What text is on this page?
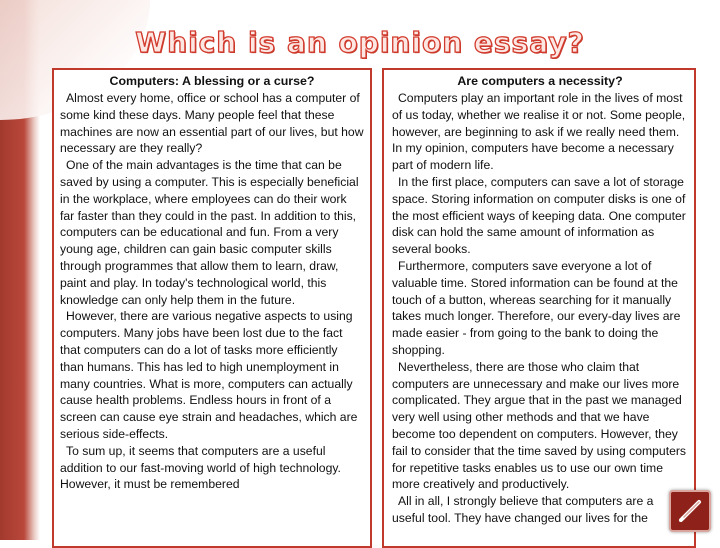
Which is an opinion essay?
Computers: A blessing or a curse?

Almost every home, office or school has a computer of some kind these days. Many people feel that these machines are now an essential part of our lives, but how necessary are they really?

One of the main advantages is the time that can be saved by using a computer. This is especially beneficial in the workplace, where employees can do their work far faster than they could in the past. In addition to this, computers can be educational and fun. From a very young age, children can gain basic computer skills through programmes that allow them to learn, draw, paint and play. In today's technological world, this knowledge can only help them in the future.

However, there are various negative aspects to using computers. Many jobs have been lost due to the fact that computers can do a lot of tasks more efficiently than humans. This has led to high unemployment in many countries. What is more, computers can actually cause health problems. Endless hours in front of a screen can cause eye strain and headaches, which are serious side-effects.

To sum up, it seems that computers are a useful addition to our fast-moving world of high technology. However, it must be remembered

Are computers a necessity?

Computers play an important role in the lives of most of us today, whether we realise it or not. Some people, however, are beginning to ask if we really need them. In my opinion, computers have become a necessary part of modern life.

In the first place, computers can save a lot of storage space. Storing information on computer disks is one of the most efficient ways of keeping data. One computer disk can hold the same amount of information as several books.

Furthermore, computers save everyone a lot of valuable time. Stored information can be found at the touch of a button, whereas searching for it manually takes much longer. Therefore, our every-day lives are made easier - from going to the bank to doing the shopping.

Nevertheless, there are those who claim that computers are unnecessary and make our lives more complicated. They argue that in the past we managed very well using other methods and that we have become too dependent on computers. However, they fail to consider that the time saved by using computers for repetitive tasks enables us to use our own time more creatively and productively.

All in all, I strongly believe that computers are a useful tool. They have changed our lives for the
